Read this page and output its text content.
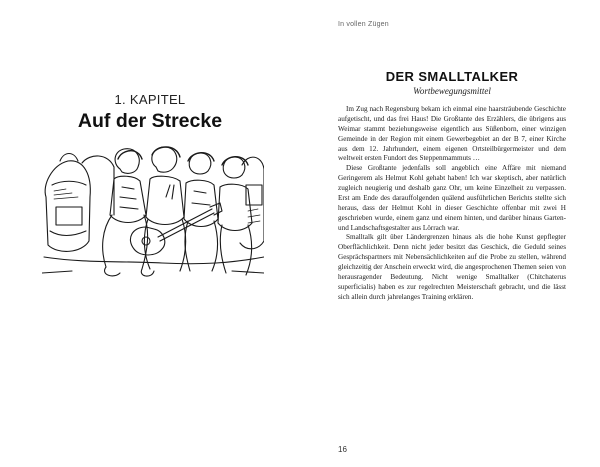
1. KAPITEL
Auf der Strecke
In vollen Zügen
DER SMALLTALKER
Wortbewegungsmittel

Im Zug nach Regensburg bekam ich einmal eine haarsträubende Geschichte aufgetischt, und das frei Haus! Die Großtante des Erzählers, die übrigens aus Weimar stammt beziehungsweise eigentlich aus Süßenborn, einer winzigen Gemeinde in der Region mit einem Gewerbegebiet an der B 7, einer Kirche aus dem 12. Jahrhundert, einem eigenen Ortsteilbürgermeister und dem weltweit ersten Fundort des Steppenmammuts …

Diese Großtante jedenfalls soll angeblich eine Affäre mit niemand Geringerem als Helmut Kohl gehabt haben! Ich war skeptisch, aber natürlich zugleich neugierig und deshalb ganz Ohr, um keine Einzelheit zu verpassen. Erst am Ende des darauffolgenden quälend ausführlichen Berichts stellte sich heraus, dass der Helmut Kohl in dieser Geschichte offenbar mit zwei H geschrieben wurde, einem ganz und einem hinten, und darüber hinaus Garten- und Landschaftsgestalter aus Lörrach war.

Smalltalk gilt über Ländergrenzen hinaus als die hohe Kunst gepflegter Oberflächlichkeit. Denn nicht jeder besitzt das Geschick, die Geduld seines Gesprächspartners mit Nebensächlichkeiten auf die Probe zu stellen, während gleichzeitig der Anschein erweckt wird, die angesprochenen Themen seien von herausragender Bedeutung. Nicht wenige Smalltalker (Chitchaterus superficialis) haben es zur regelrechten Meisterschaft gebracht, und die lässt sich allein durch jahrelanges Training erklären.

16
